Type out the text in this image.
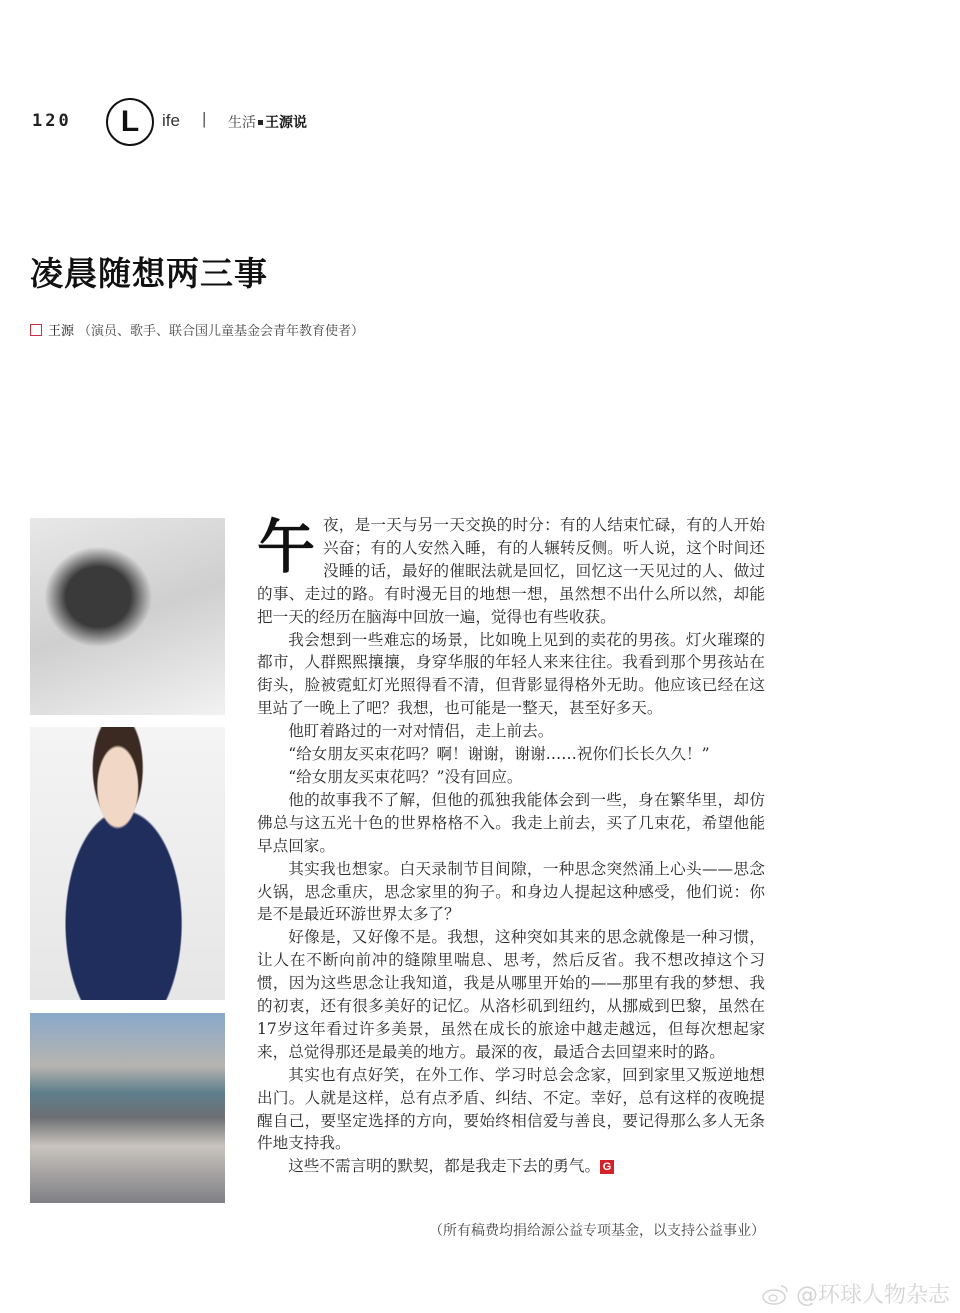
120 L ife | 生活 王源说
凌晨随想两三事
王源 （演员、歌手、联合国儿童基金会青年教育使者）

午夜，是一天与另一天交换的时分：有的人结束忙碌，有的人开始兴奋；有的人安然入睡，有的人辗转反侧。听人说，这个时间还没睡的话，最好的催眠法就是回忆，回忆这一天见过的人、做过的事、走过的路。有时漫无目的地想一想，虽然想不出什么所以然，却能把一天的经历在脑海中回放一遍，觉得也有些收获。

我会想到一些难忘的场景，比如晚上见到的卖花的男孩。灯火璀璨的都市，人群熙熙攘攘，身穿华服的年轻人来来往往。我看到那个男孩站在街头，脸被霓虹灯光照得看不清，但背影显得格外无助。他应该已经在这里站了一晚上了吧？我想，也可能是一整天，甚至好多天。

他盯着路过的一对对情侣，走上前去。

“给女朋友买束花吗？啊！谢谢，谢谢……祝你们长长久久！”

“给女朋友买束花吗？”没有回应。

他的故事我不了解，但他的孤独我能体会到一些，身在繁华里，却仿佛总与这五光十色的世界格格不入。我走上前去，买了几束花，希望他能早点回家。

其实我也想家。白天录制节目间隙，一种思念突然涌上心头——思念火锅，思念重庆，思念家里的狗子。和身边人提起这种感受，他们说：你是不是最近环游世界太多了？

好像是，又好像不是。我想，这种突如其来的思念就像是一种习惯，让人在不断向前冲的缝隙里喘息、思考，然后反省。我不想改掉这个习惯，因为这些思念让我知道，我是从哪里开始的——那里有我的梦想、我的初衷，还有很多美好的记忆。从洛杉矶到纽约，从挪威到巴黎，虽然在17岁这年看过许多美景，虽然在成长的旅途中越走越远，但每次想起家来，总觉得那还是最美的地方。最深的夜，最适合去回望来时的路。

其实也有点好笑，在外工作、学习时总会念家，回到家里又叛逆地想出门。人就是这样，总有点矛盾、纠结、不定。幸好，总有这样的夜晚提醒自己，要坚定选择的方向，要始终相信爱与善良，要记得那么多人无条件地支持我。

这些不需言明的默契，都是我走下去的勇气。 G

（所有稿费均捐给源公益专项基金，以支持公益事业）
@环球人物杂志
